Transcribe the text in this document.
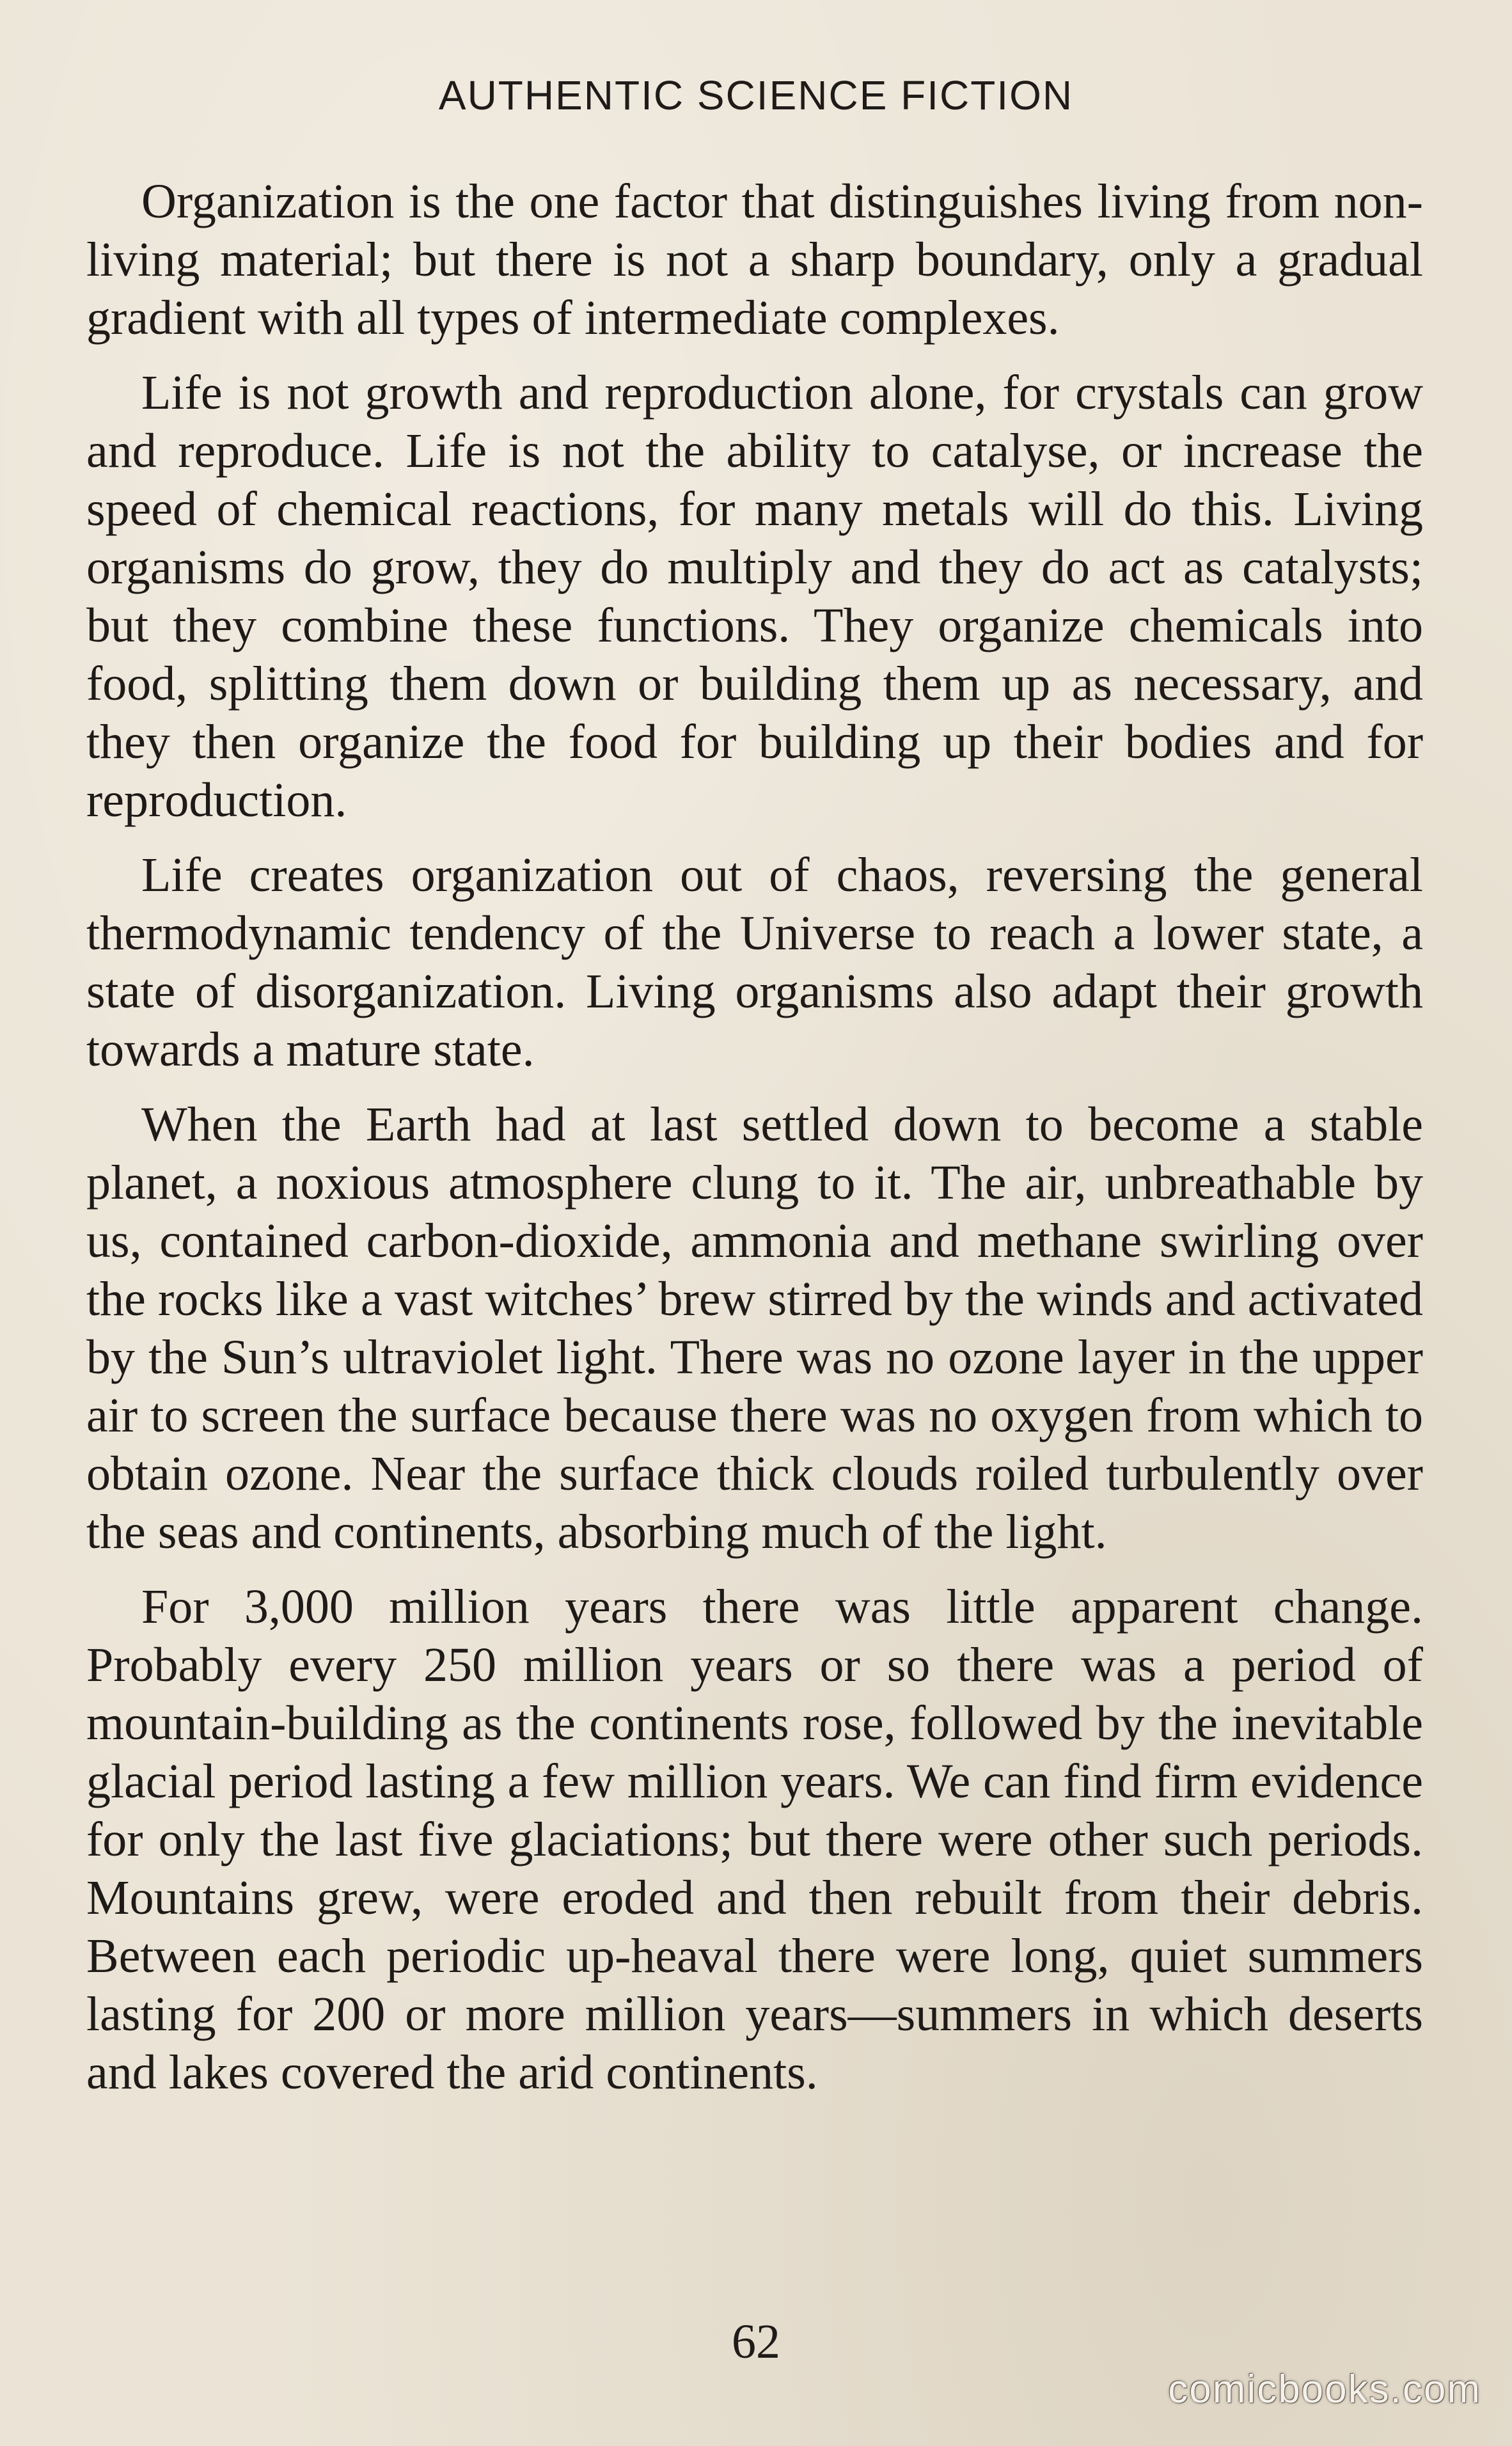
AUTHENTIC SCIENCE FICTION

Organization is the one factor that distinguishes living from non-living material; but there is not a sharp boundary, only a gradual gradient with all types of intermediate complexes.

Life is not growth and reproduction alone, for crystals can grow and reproduce. Life is not the ability to catalyse, or increase the speed of chemical reactions, for many metals will do this. Living organisms do grow, they do multiply and they do act as catalysts; but they combine these functions. They organize chemicals into food, splitting them down or building them up as necessary, and they then organize the food for building up their bodies and for reproduction.

Life creates organization out of chaos, reversing the general thermodynamic tendency of the Universe to reach a lower state, a state of disorganization. Living organisms also adapt their growth towards a mature state.

When the Earth had at last settled down to become a stable planet, a noxious atmosphere clung to it. The air, unbreathable by us, contained carbon-dioxide, ammonia and methane swirling over the rocks like a vast witches’ brew stirred by the winds and activated by the Sun’s ultraviolet light. There was no ozone layer in the upper air to screen the surface because there was no oxygen from which to obtain ozone. Near the surface thick clouds roiled turbulently over the seas and continents, absorbing much of the light.

For 3,000 million years there was little apparent change. Probably every 250 million years or so there was a period of mountain-building as the continents rose, followed by the inevitable glacial period lasting a few million years. We can find firm evidence for only the last five glaciations; but there were other such periods. Mountains grew, were eroded and then rebuilt from their debris. Between each periodic up-heaval there were long, quiet summers lasting for 200 or more million years—summers in which deserts and lakes covered the arid continents.

62
comicbooks.com
